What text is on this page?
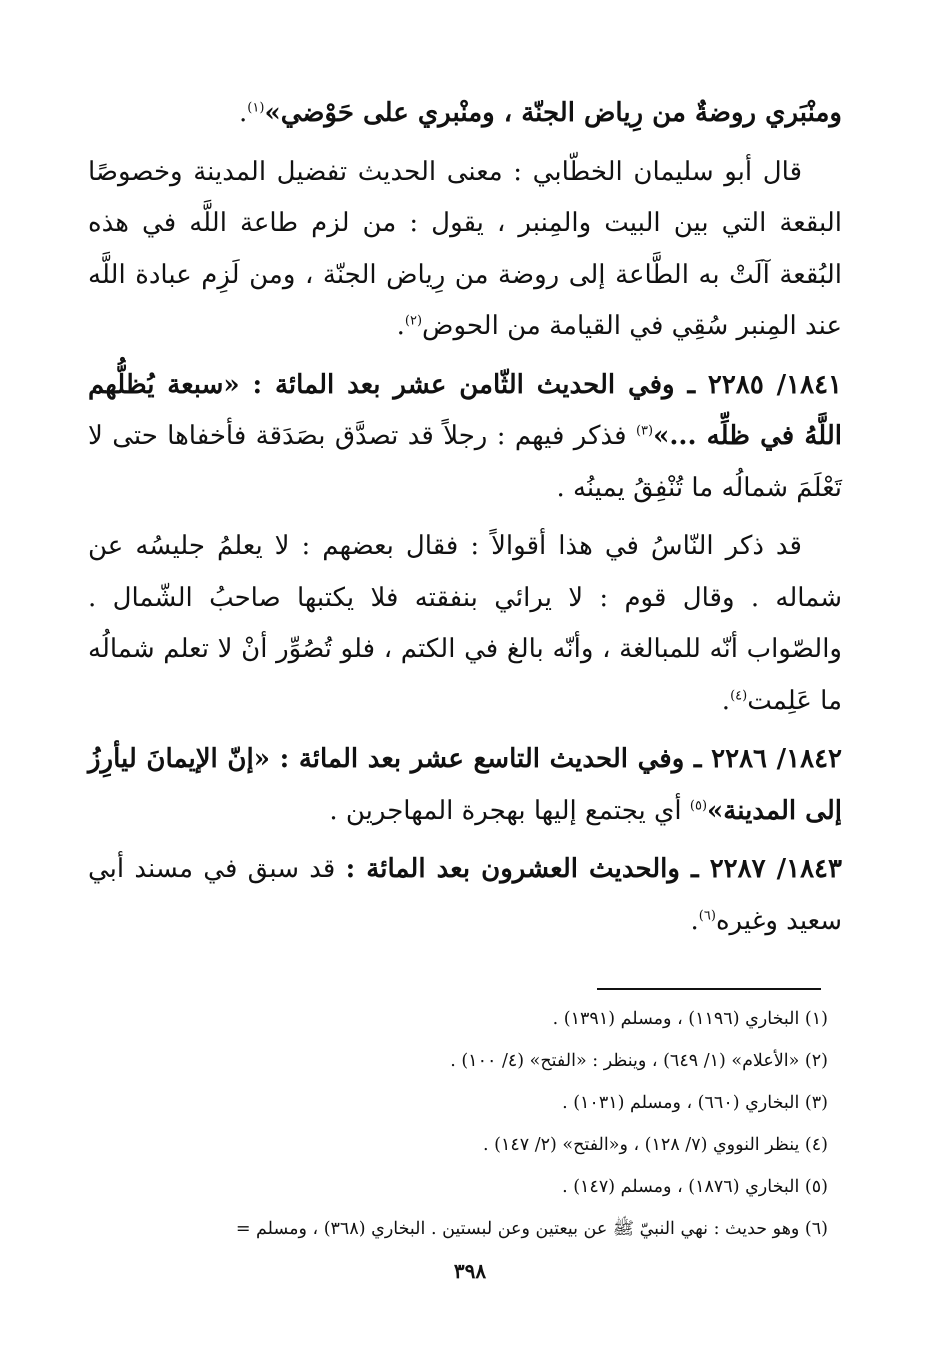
ومنْبَري روضةٌ من رِياض الجنّة ، ومنْبري على حَوْضي»$^{(١)}$.

قال أبو سليمان الخطّابي : معنى الحديث تفضيل المدينة وخصوصًا البقعة التي بين البيت والمِنبر ، يقول : من لزم طاعة اللَّه في هذه البُقعة آلَتْ به الطَّاعة إلى روضة من رِياض الجنّة ، ومن لَزِم عبادة اللَّه عند المِنبر سُقِي في القيامة من الحوض$^{(٢)}$.

١٨٤١/ ٢٢٨٥ ـ وفي الحديث الثّامن عشر بعد المائة : «سبعة يُظلُّهم اللَّهُ في ظلِّه ...»$^{(٣)}$ فذكر فيهم : رجلاً قد تصدَّق بصَدَقة فأخفاها حتى لا تَعْلَمَ شمالُه ما تُنْفِقُ يمينُه .

قد ذكر النّاسُ في هذا أقوالاً : فقال بعضهم : لا يعلمُ جليسُه عن شماله . وقال قوم : لا يرائي بنفقته فلا يكتبها صاحبُ الشّمال . والصّواب أنّه للمبالغة ، وأنّه بالغ في الكتم ، فلو تُصُوِّر أنْ لا تعلم شمالُه ما عَلِمت$^{(٤)}$.

١٨٤٢/ ٢٢٨٦ ـ وفي الحديث التاسع عشر بعد المائة : «إنّ الإيمانَ ليأرِزُ إلى المدينة»$^{(٥)}$ أي يجتمع إليها بهجرة المهاجرين .

١٨٤٣/ ٢٢٨٧ ـ والحديث العشرون بعد المائة : قد سبق في مسند أبي سعيد وغيره$^{(٦)}$.

(١) البخاري (١١٩٦) ، ومسلم (١٣٩١) .
(٢) «الأعلام» (١/ ٦٤٩) ، وينظر : «الفتح» (٤/ ١٠٠) .
(٣) البخاري (٦٦٠) ، ومسلم (١٠٣١) .
(٤) ينظر النووي (٧/ ١٢٨) ، و«الفتح» (٢/ ١٤٧) .
(٥) البخاري (١٨٧٦) ، ومسلم (١٤٧) .
(٦) وهو حديث : نهي النبيّ ﷺ عن بيعتين وعن لبستين . البخاري (٣٦٨) ، ومسلم =
٣٩٨
